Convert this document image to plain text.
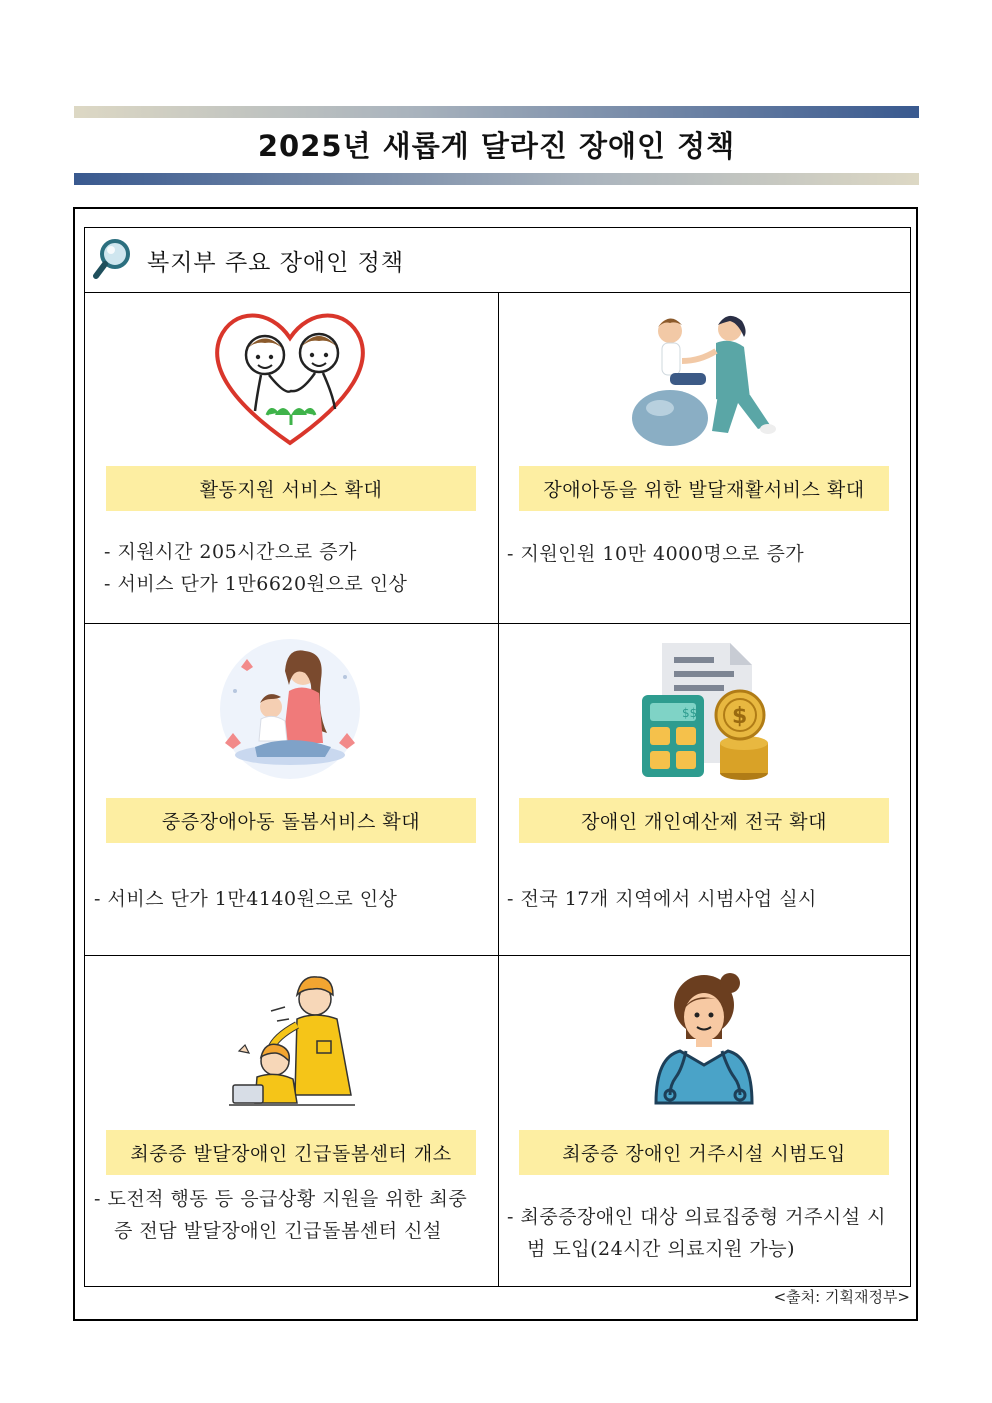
2025년 새롭게 달라진 장애인 정책
복지부 주요 장애인 정책
활동지원 서비스 확대
- 지원시간 205시간으로 증가
- 서비스 단가 1만6620원으로 인상
장애아동을 위한 발달재활서비스 확대
- 지원인원 10만 4000명으로 증가
중증장애아동 돌봄서비스 확대
- 서비스 단가 1만4140원으로 인상
$$ $
장애인 개인예산제 전국 확대
- 전국 17개 지역에서 시범사업 실시
최중증 발달장애인 긴급돌봄센터 개소
- 도전적 행동 등 응급상황 지원을 위한 최중증 전담 발달장애인 긴급돌봄센터 신설
최중증 장애인 거주시설 시범도입
- 최중증장애인 대상 의료집중형 거주시설 시범 도입(24시간 의료지원 가능)
<출처: 기획재정부>
